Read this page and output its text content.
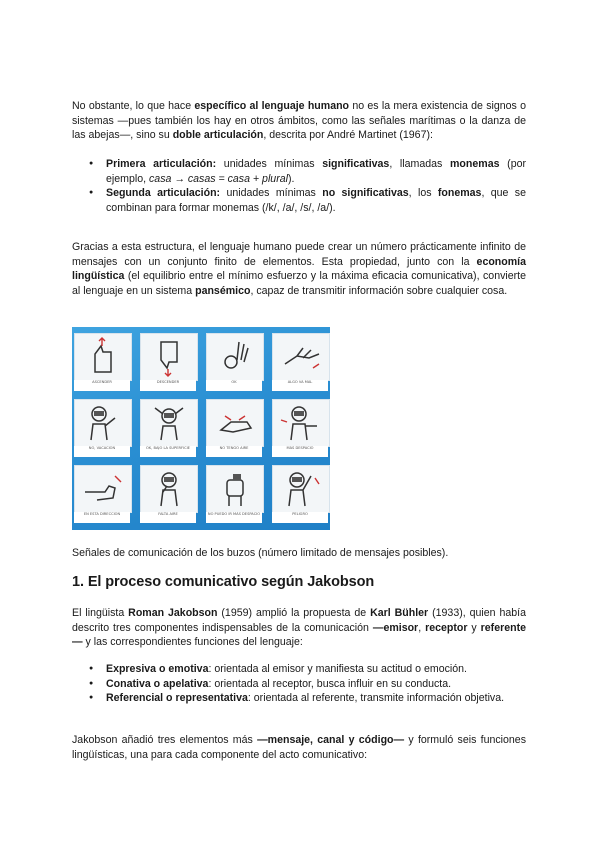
No obstante, lo que hace específico al lenguaje humano no es la mera existencia de signos o sistemas —pues también los hay en otros ámbitos, como las señales marítimas o la danza de las abejas—, sino su doble articulación, descrita por André Martinet (1967):

● Primera articulación: unidades mínimas significativas, llamadas monemas (por ejemplo, casa → casas = casa + plural).
● Segunda articulación: unidades mínimas no significativas, los fonemas, que se combinan para formar monemas (/k/, /a/, /s/, /a/).

Gracias a esta estructura, el lenguaje humano puede crear un número prácticamente infinito de mensajes con un conjunto finito de elementos. Esta propiedad, junto con la economía lingüística (el equilibrio entre el mínimo esfuerzo y la máxima eficacia comunicativa), convierte al lenguaje en un sistema pansémico, capaz de transmitir información sobre cualquier cosa.

ASCENDER	DESCENDER	OK	ALGO VA MAL
NO, VACACIÓN	OK, BAJO LA SUPERFICIE	NO TENGO AIRE	MÁS DESPACIO
EN ESTA DIRECCIÓN	FALTA AIRE	NO PUEDO IR MÁS DESPACIO	PELIGRO

Señales de comunicación de los buzos (número limitado de mensajes posibles).

1. El proceso comunicativo según Jakobson

El lingüista Roman Jakobson (1959) amplió la propuesta de Karl Bühler (1933), quien había descrito tres componentes indispensables de la comunicación —emisor, receptor y referente— y las correspondientes funciones del lenguaje:

● Expresiva o emotiva: orientada al emisor y manifiesta su actitud o emoción.
● Conativa o apelativa: orientada al receptor, busca influir en su conducta.
● Referencial o representativa: orientada al referente, transmite información objetiva.

Jakobson añadió tres elementos más —mensaje, canal y código— y formuló seis funciones lingüísticas, una para cada componente del acto comunicativo:
